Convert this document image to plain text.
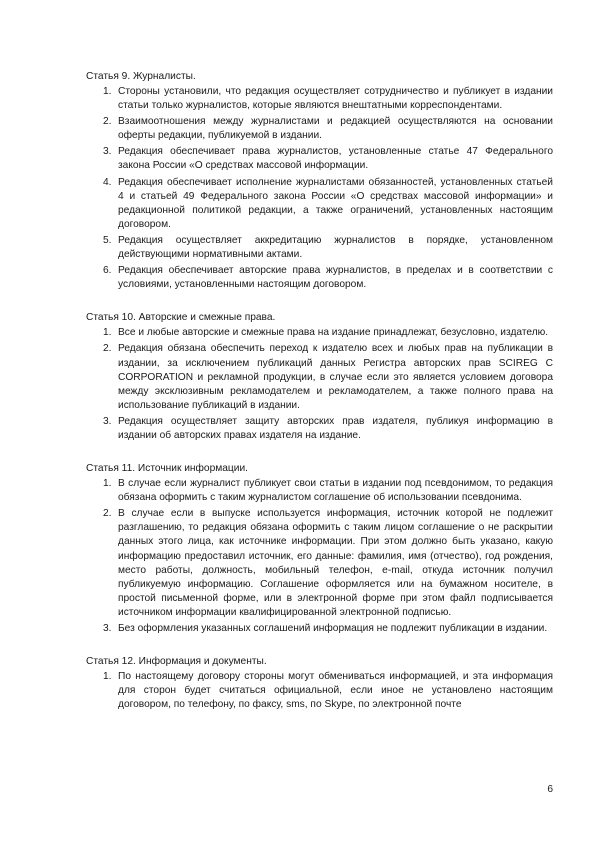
Статья 9. Журналисты.
1. Стороны установили, что редакция осуществляет сотрудничество и публикует в издании статьи только журналистов, которые являются внештатными корреспондентами.
2. Взаимоотношения между журналистами и редакцией осуществляются на основании оферты редакции, публикуемой в издании.
3. Редакция обеспечивает права журналистов, установленные статье 47 Федерального закона России «О средствах массовой информации.
4. Редакция обеспечивает исполнение журналистами обязанностей, установленных статьей 4 и статьей 49 Федерального закона России «О средствах массовой информации» и редакционной политикой редакции, а также ограничений, установленных настоящим договором.
5. Редакция осуществляет аккредитацию журналистов в порядке, установленном действующими нормативными актами.
6. Редакция обеспечивает авторские права журналистов, в пределах и в соответствии с условиями, установленными настоящим договором.
Статья 10. Авторские и смежные права.
1. Все и любые авторские и смежные права на издание принадлежат, безусловно, издателю.
2. Редакция обязана обеспечить переход к издателю всех и любых прав на публикации в издании, за исключением публикаций данных Регистра авторских прав SCIREG C CORPORATION и рекламной продукции, в случае если это является условием договора между эксклюзивным рекламодателем и рекламодателем, а также полного права на использование публикаций в издании.
3. Редакция осуществляет защиту авторских прав издателя, публикуя информацию в издании об авторских правах издателя на издание.
Статья 11. Источник информации.
1. В случае если журналист публикует свои статьи в издании под псевдонимом, то редакция обязана оформить с таким журналистом соглашение об использовании псевдонима.
2. В случае если в выпуске используется информация, источник которой не подлежит разглашению, то редакция обязана оформить с таким лицом соглашение о не раскрытии данных этого лица, как источнике информации. При этом должно быть указано, какую информацию предоставил источник, его данные: фамилия, имя (отчество), год рождения, место работы, должность, мобильный телефон, e-mail, откуда источник получил публикуемую информацию. Соглашение оформляется или на бумажном носителе, в простой письменной форме, или в электронной форме при этом файл подписывается источником информации квалифицированной электронной подписью.
3. Без оформления указанных соглашений информация не подлежит публикации в издании.
Статья 12. Информация и документы.
1. По настоящему договору стороны могут обмениваться информацией, и эта информация для сторон будет считаться официальной, если иное не установлено настоящим договором, по телефону, по факсу, sms, по Skype, по электронной почте
6
